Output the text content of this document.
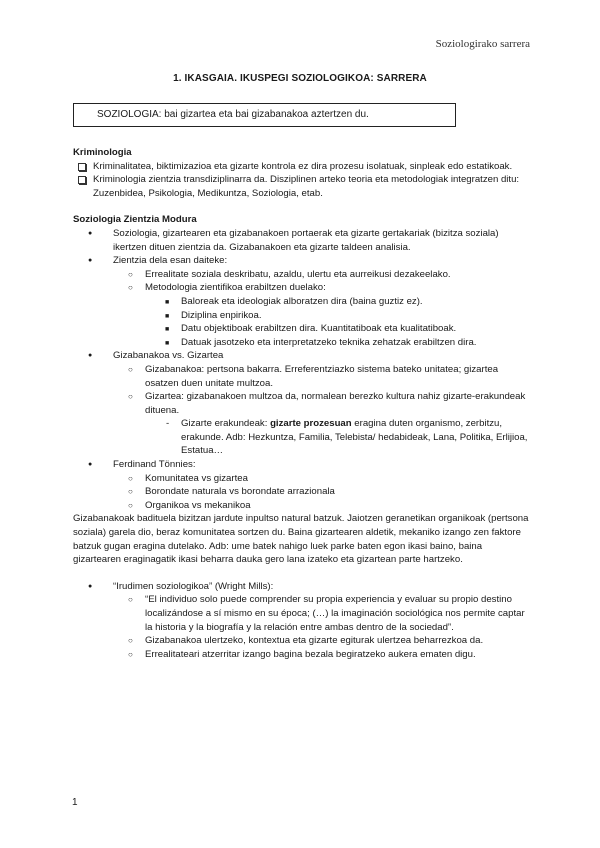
Soziologirako sarrera
1. IKASGAIA. IKUSPEGI SOZIOLOGIKOA: SARRERA
SOZIOLOGIA: bai gizartea eta bai gizabanakoa aztertzen du.

Kriminologia

Kriminalitatea, biktimizazioa eta gizarte kontrola ez dira prozesu isolatuak, sinpleak edo estatikoak.
Kriminologia zientzia transdiziplinarra da. Disziplinen arteko teoria eta metodologiak integratzen ditu: Zuzenbidea, Psikologia, Medikuntza, Soziologia, etab.

Soziologia Zientzia Modura

● Soziologia, gizartearen eta gizabanakoen portaerak eta gizarte gertakariak (bizitza soziala) ikertzen dituen zientzia da. Gizabanakoen eta gizarte taldeen analisia.
● Zientzia dela esan daiteke:
○ Errealitate soziala deskribatu, azaldu, ulertu eta aurreikusi dezakeelako.
○ Metodologia zientifikoa erabiltzen duelako:
■ Baloreak eta ideologiak alboratzen dira (baina guztiz ez).
■ Diziplina enpirikoa.
■ Datu objektiboak erabiltzen dira. Kuantitatiboak eta kualitatiboak.
■ Datuak jasotzeko eta interpretatzeko teknika zehatzak erabiltzen dira.
● Gizabanakoa vs. Gizartea
○ Gizabanakoa: pertsona bakarra. Erreferentziazko sistema bateko unitatea; gizartea osatzen duen unitate multzoa.
○ Gizartea: gizabanakoen multzoa da, normalean berezko kultura nahiz gizarte-erakundeak dituena.
- Gizarte erakundeak: gizarte prozesuan eragina duten organismo, zerbitzu, erakunde. Adb: Hezkuntza, Familia, Telebista/ hedabideak, Lana, Politika, Erlijioa, Estatua…
● Ferdinand Tönnies:
○ Komunitatea vs gizartea
○ Borondate naturala vs borondate arrazionala
○ Organikoa vs mekanikoa

Gizabanakoak badituela bizitzan jardute inpultso natural batzuk. Jaiotzen geranetikan organikoak (pertsona soziala) garela dio, beraz komunitatea sortzen du. Baina gizartearen aldetik, mekaniko izango zen faktore batzuk gugan eragina dutelako. Adb: ume batek nahigo luek parke baten egon ikasi baino, baina gizartearen eraginagatik ikasi beharra dauka gero lana izateko eta gizartean parte hartzeko.

● “Irudimen soziologikoa” (Wright Mills):
○ “El individuo solo puede comprender su propia experiencia y evaluar su propio destino localizándose a sí mismo en su época; (…) la imaginación sociológica nos permite captar la historia y la biografía y la relación entre ambas dentro de la sociedad”.
○ Gizabanakoa ulertzeko, kontextua eta gizarte egiturak ulertzea beharrezkoa da.
○ Errealitateari atzerritar izango bagina bezala begiratzeko aukera ematen digu.
1
